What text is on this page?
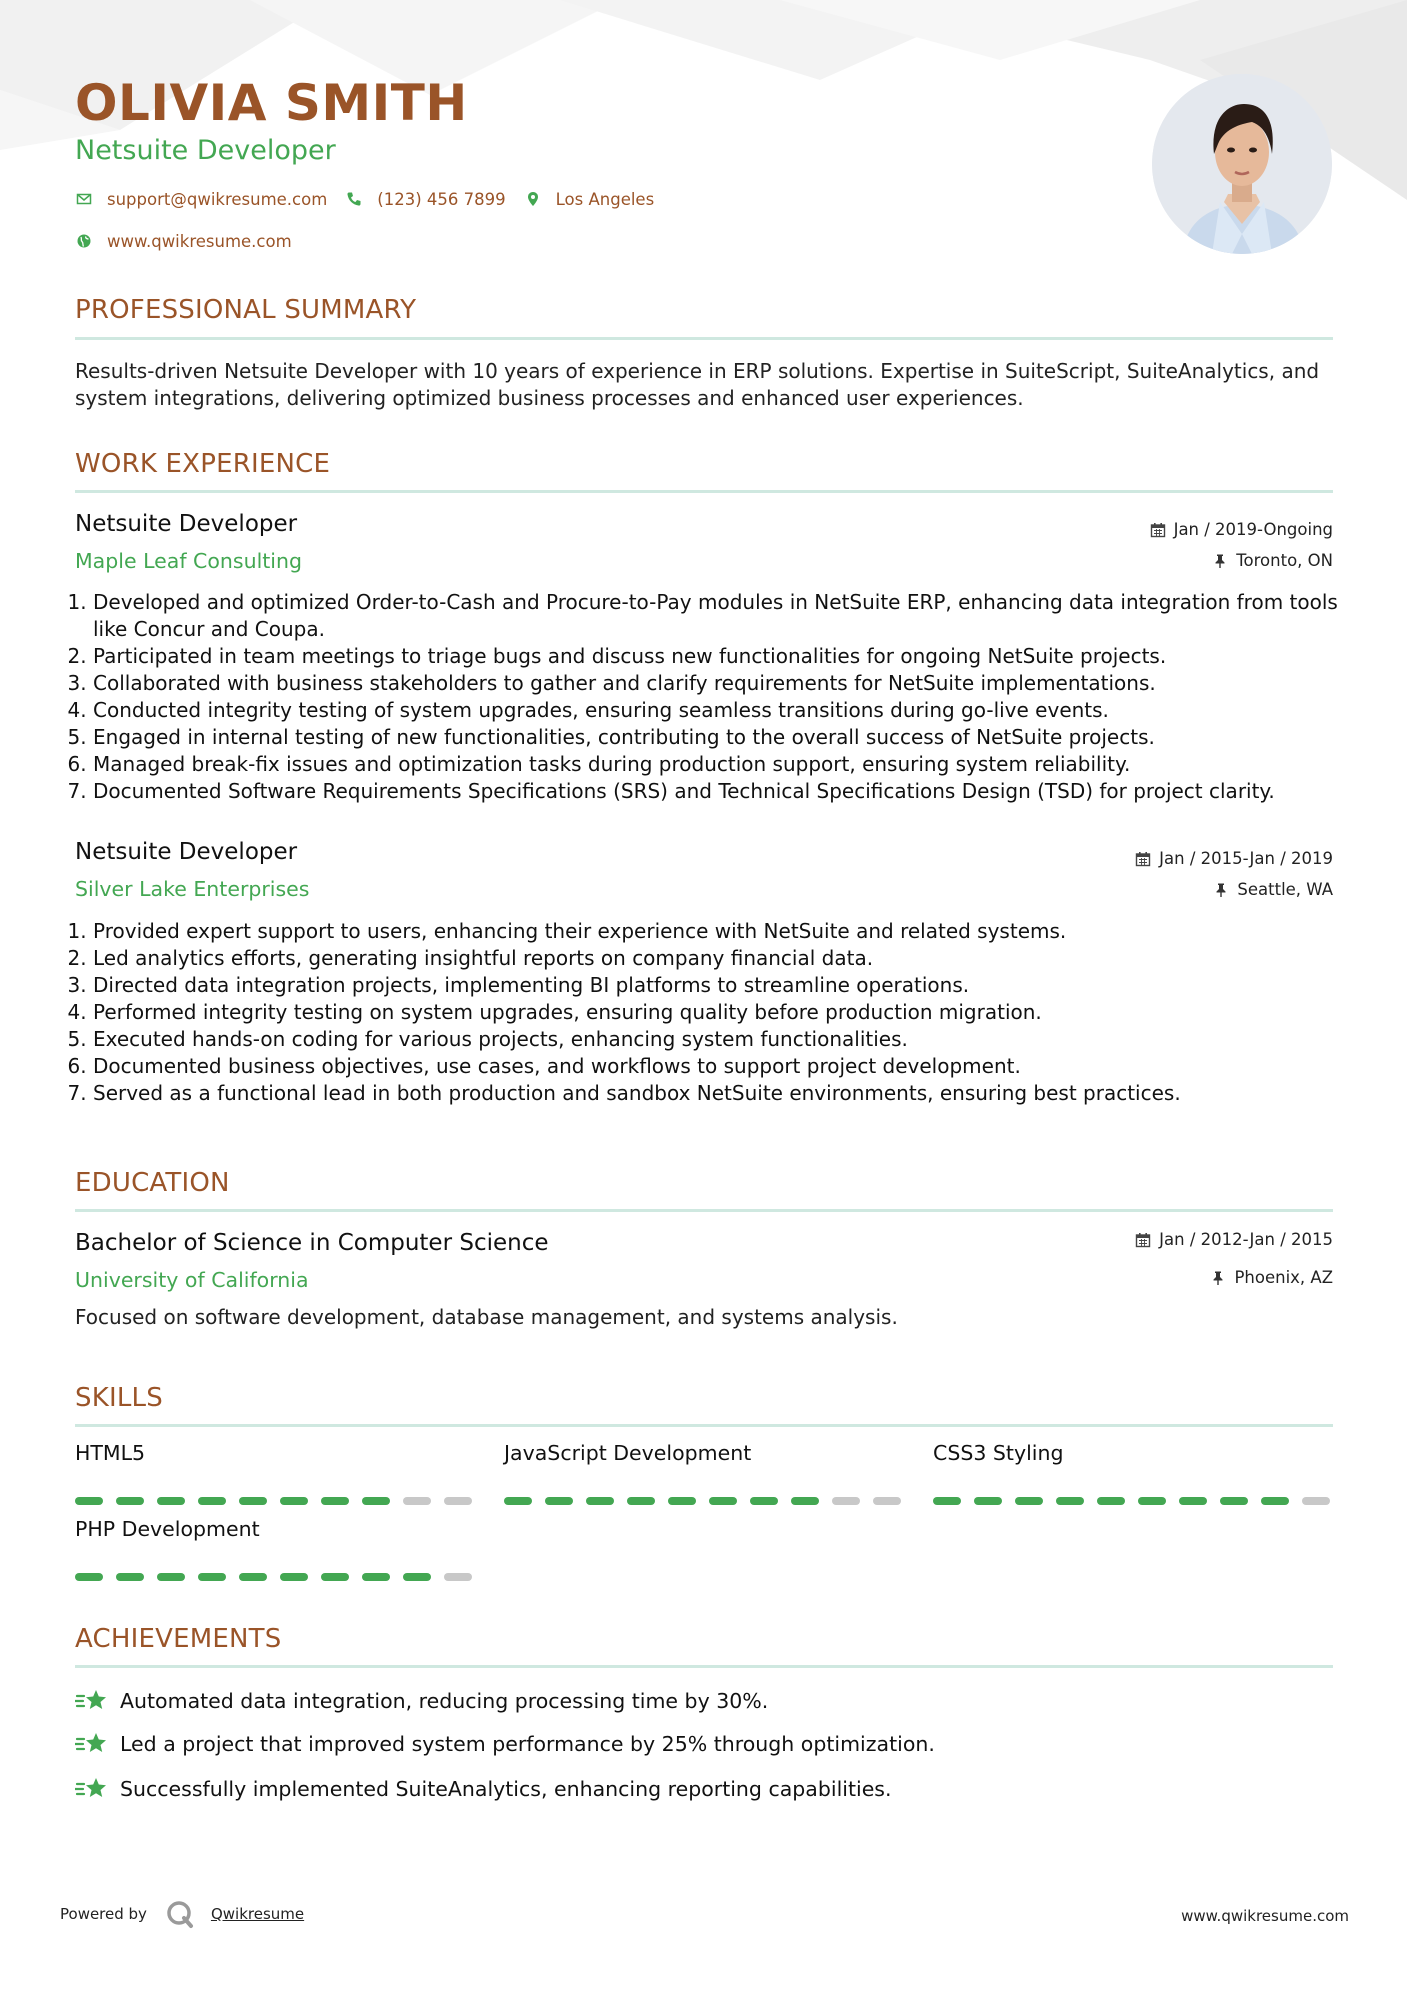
OLIVIA SMITH
Netsuite Developer
support@qwikresume.com	(123) 456 7899	Los Angeles
www.qwikresume.com
PROFESSIONAL SUMMARY
Results-driven Netsuite Developer with 10 years of experience in ERP solutions. Expertise in SuiteScript, SuiteAnalytics, and system integrations, delivering optimized business processes and enhanced user experiences.
WORK EXPERIENCE
Netsuite Developer
Maple Leaf Consulting
Jan / 2019-Ongoing
Toronto, ON
1. Developed and optimized Order-to-Cash and Procure-to-Pay modules in NetSuite ERP, enhancing data integration from tools like Concur and Coupa.
2. Participated in team meetings to triage bugs and discuss new functionalities for ongoing NetSuite projects.
3. Collaborated with business stakeholders to gather and clarify requirements for NetSuite implementations.
4. Conducted integrity testing of system upgrades, ensuring seamless transitions during go-live events.
5. Engaged in internal testing of new functionalities, contributing to the overall success of NetSuite projects.
6. Managed break-fix issues and optimization tasks during production support, ensuring system reliability.
7. Documented Software Requirements Specifications (SRS) and Technical Specifications Design (TSD) for project clarity.
Netsuite Developer
Silver Lake Enterprises
Jan / 2015-Jan / 2019
Seattle, WA
1. Provided expert support to users, enhancing their experience with NetSuite and related systems.
2. Led analytics efforts, generating insightful reports on company financial data.
3. Directed data integration projects, implementing BI platforms to streamline operations.
4. Performed integrity testing on system upgrades, ensuring quality before production migration.
5. Executed hands-on coding for various projects, enhancing system functionalities.
6. Documented business objectives, use cases, and workflows to support project development.
7. Served as a functional lead in both production and sandbox NetSuite environments, ensuring best practices.
EDUCATION
Bachelor of Science in Computer Science
University of California
Jan / 2012-Jan / 2015
Phoenix, AZ
Focused on software development, database management, and systems analysis.
SKILLS
HTML5	JavaScript Development	CSS3 Styling
PHP Development
ACHIEVEMENTS
Automated data integration, reducing processing time by 30%.
Led a project that improved system performance by 25% through optimization.
Successfully implemented SuiteAnalytics, enhancing reporting capabilities.
Powered by	Qwikresume	www.qwikresume.com
